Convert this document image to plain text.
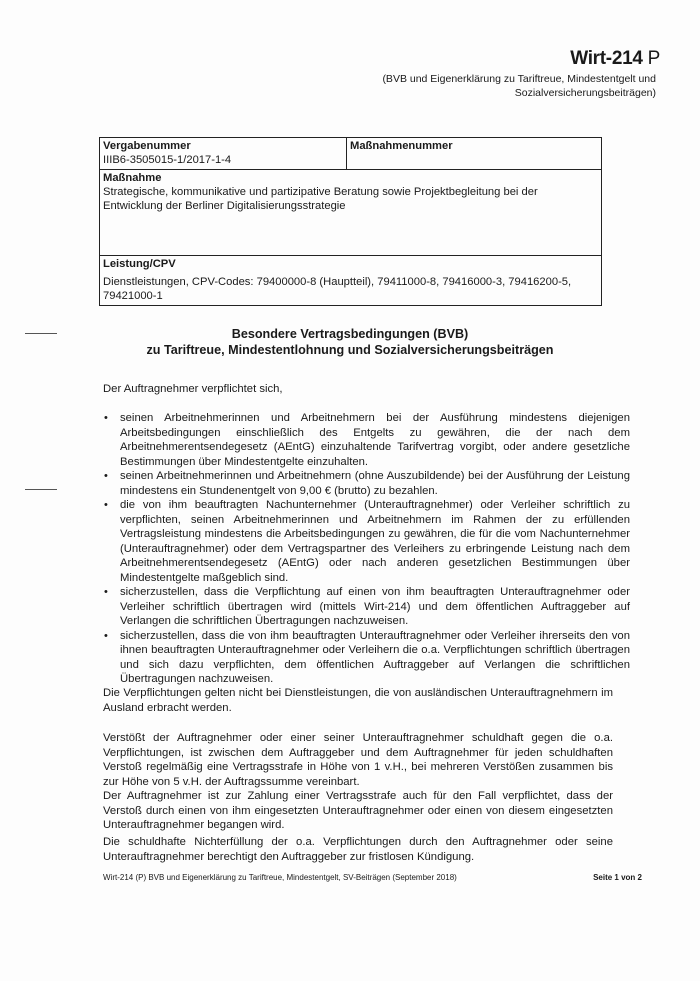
Wirt-214 P
(BVB und Eigenerklärung zu Tariftreue, Mindestentgelt und Sozialversicherungsbeiträgen)
Vergabenummer
IIIB6-3505015-1/2017-1-4

Maßnahmenummer

Maßnahme
Strategische, kommunikative und partizipative Beratung sowie Projektbegleitung bei der Entwicklung der Berliner Digitalisierungsstrategie

Leistung/CPV
Dienstleistungen, CPV-Codes: 79400000-8 (Hauptteil), 79411000-8, 79416000-3, 79416200-5, 79421000-1
Besondere Vertragsbedingungen (BVB)
zu Tariftreue, Mindestentlohnung und Sozialversicherungsbeiträgen
Der Auftragnehmer verpflichtet sich,
• seinen Arbeitnehmerinnen und Arbeitnehmern bei der Ausführung mindestens diejenigen Arbeitsbedingungen einschließlich des Entgelts zu gewähren, die der nach dem Arbeitnehmerentsendegesetz (AEntG) einzuhaltende Tarifvertrag vorgibt, oder andere gesetzliche Bestimmungen über Mindestentgelte einzuhalten.
• seinen Arbeitnehmerinnen und Arbeitnehmern (ohne Auszubildende) bei der Ausführung der Leistung mindestens ein Stundenentgelt von 9,00 € (brutto) zu bezahlen.
• die von ihm beauftragten Nachunternehmer (Unterauftragnehmer) oder Verleiher schriftlich zu verpflichten, seinen Arbeitnehmerinnen und Arbeitnehmern im Rahmen der zu erfüllenden Vertragsleistung mindestens die Arbeitsbedingungen zu gewähren, die für die vom Nachunternehmer (Unterauftragnehmer) oder dem Vertragspartner des Verleihers zu erbringende Leistung nach dem Arbeitnehmerentsendegesetz (AEntG) oder nach anderen gesetzlichen Bestimmungen über Mindestentgelte maßgeblich sind.
• sicherzustellen, dass die Verpflichtung auf einen von ihm beauftragten Unterauftragnehmer oder Verleiher schriftlich übertragen wird (mittels Wirt-214) und dem öffentlichen Auftraggeber auf Verlangen die schriftlichen Übertragungen nachzuweisen.
• sicherzustellen, dass die von ihm beauftragten Unterauftragnehmer oder Verleiher ihrerseits den von ihnen beauftragten Unterauftragnehmer oder Verleihern die o.a. Verpflichtungen schriftlich übertragen und sich dazu verpflichten, dem öffentlichen Auftraggeber auf Verlangen die schriftlichen Übertragungen nachzuweisen.
Die Verpflichtungen gelten nicht bei Dienstleistungen, die von ausländischen Unterauftragnehmern im Ausland erbracht werden.
Verstößt der Auftragnehmer oder einer seiner Unterauftragnehmer schuldhaft gegen die o.a. Verpflichtungen, ist zwischen dem Auftraggeber und dem Auftragnehmer für jeden schuldhaften Verstoß regelmäßig eine Vertragsstrafe in Höhe von 1 v.H., bei mehreren Verstößen zusammen bis zur Höhe von 5 v.H. der Auftragssumme vereinbart.
Der Auftragnehmer ist zur Zahlung einer Vertragsstrafe auch für den Fall verpflichtet, dass der Verstoß durch einen von ihm eingesetzten Unterauftragnehmer oder einen von diesem eingesetzten Unterauftragnehmer begangen wird.
Die schuldhafte Nichterfüllung der o.a. Verpflichtungen durch den Auftragnehmer oder seine Unterauftragnehmer berechtigt den Auftraggeber zur fristlosen Kündigung.
Wirt-214 (P) BVB und Eigenerklärung zu Tariftreue, Mindestentgelt, SV-Beiträgen (September 2018)	Seite 1 von 2
